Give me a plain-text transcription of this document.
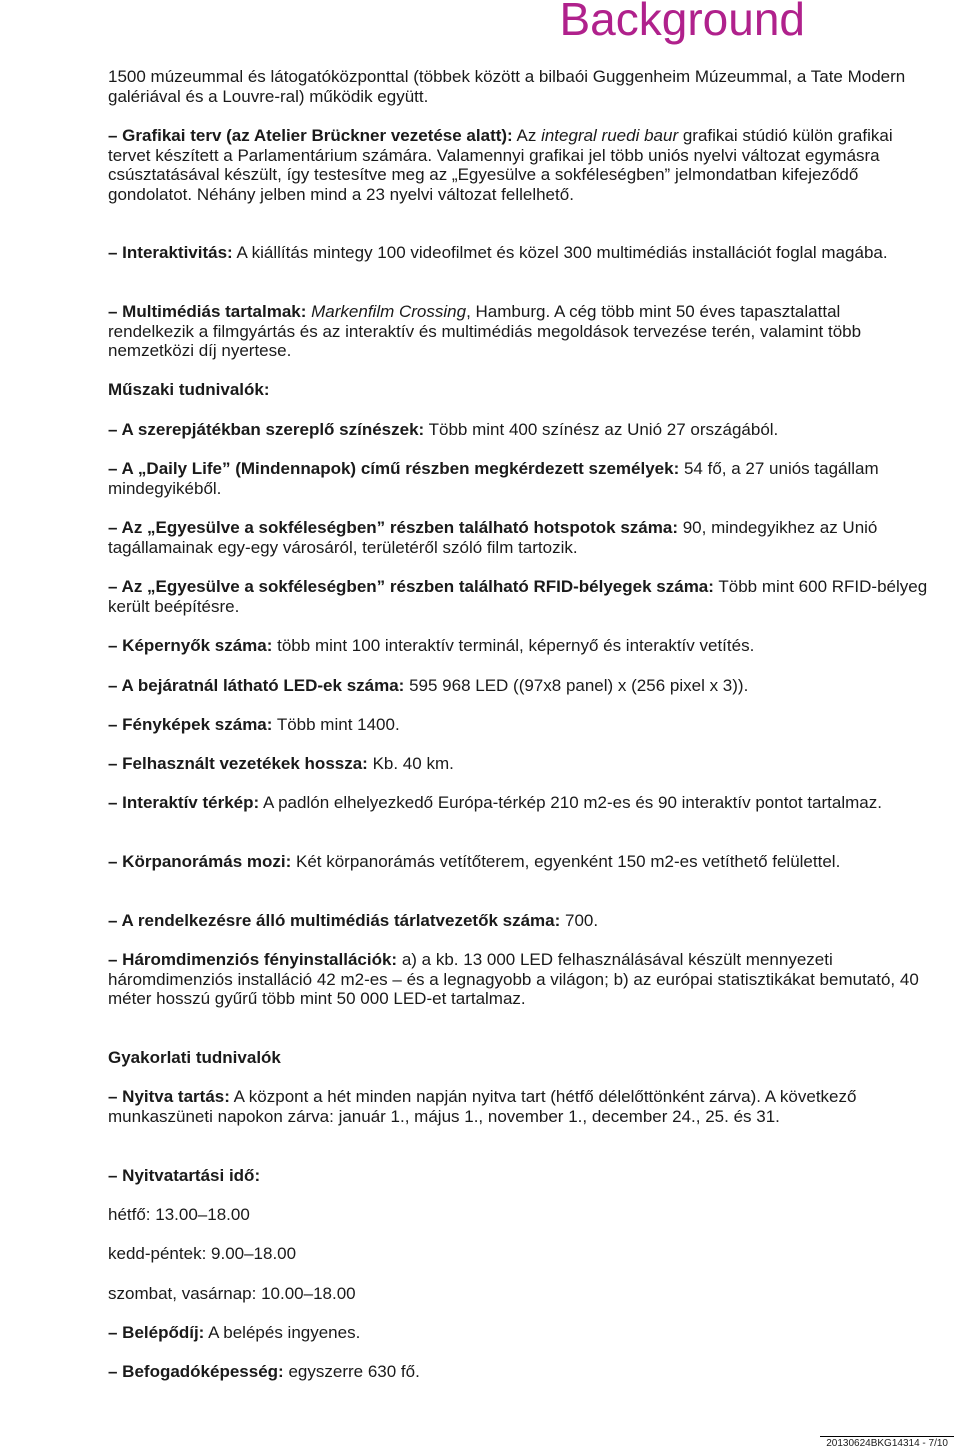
Background

1500 múzeummal és látogatóközponttal (többek között a bilbaói Guggenheim Múzeummal, a Tate Modern galériával és a Louvre-ral) működik együtt.

– Grafikai terv (az Atelier Brückner vezetése alatt): Az integral ruedi baur grafikai stúdió külön grafikai tervet készített a Parlamentárium számára. Valamennyi grafikai jel több uniós nyelvi változat egymásra csúsztatásával készült, így testesítve meg az „Egyesülve a sokféleségben” jelmondatban kifejeződő gondolatot. Néhány jelben mind a 23 nyelvi változat fellelhető.

– Interaktivitás: A kiállítás mintegy 100 videofilmet és közel 300 multimédiás installációt foglal magába.

– Multimédiás tartalmak: Markenfilm Crossing, Hamburg. A cég több mint 50 éves tapasztalattal rendelkezik a filmgyártás és az interaktív és multimédiás megoldások tervezése terén, valamint több nemzetközi díj nyertese.

Műszaki tudnivalók:

– A szerepjátékban szereplő színészek: Több mint 400 színész az Unió 27 országából.

– A „Daily Life” (Mindennapok) című részben megkérdezett személyek: 54 fő, a 27 uniós tagállam mindegyikéből.

– Az „Egyesülve a sokféleségben” részben található hotspotok száma: 90, mindegyikhez az Unió tagállamainak egy-egy városáról, területéről szóló film tartozik.

– Az „Egyesülve a sokféleségben” részben található RFID-bélyegek száma: Több mint 600 RFID-bélyeg került beépítésre.

– Képernyők száma: több mint 100 interaktív terminál, képernyő és interaktív vetítés.

– A bejáratnál látható LED-ek száma: 595 968 LED ((97x8 panel) x (256 pixel x 3)).

– Fényképek száma: Több mint 1400.

– Felhasznált vezetékek hossza: Kb. 40 km.

– Interaktív térkép: A padlón elhelyezkedő Európa-térkép 210 m2-es és 90 interaktív pontot tartalmaz.

– Körpanorámás mozi: Két körpanorámás vetítőterem, egyenként 150 m2-es vetíthető felülettel.

– A rendelkezésre álló multimédiás tárlatvezetők száma: 700.

– Háromdimenziós fényinstallációk: a) a kb. 13 000 LED felhasználásával készült mennyezeti háromdimenziós installáció 42 m2-es – és a legnagyobb a világon; b) az európai statisztikákat bemutató, 40 méter hosszú gyűrű több mint 50 000 LED-et tartalmaz.

Gyakorlati tudnivalók

– Nyitva tartás: A központ a hét minden napján nyitva tart (hétfő délelőttönként zárva). A következő munkaszüneti napokon zárva: január 1., május 1., november 1., december 24., 25. és 31.

– Nyitvatartási idő:

hétfő: 13.00–18.00

kedd-péntek: 9.00–18.00

szombat, vasárnap: 10.00–18.00

– Belépődíj: A belépés ingyenes.

– Befogadóképesség: egyszerre 630 fő.

20130624BKG14314 - 7/10
